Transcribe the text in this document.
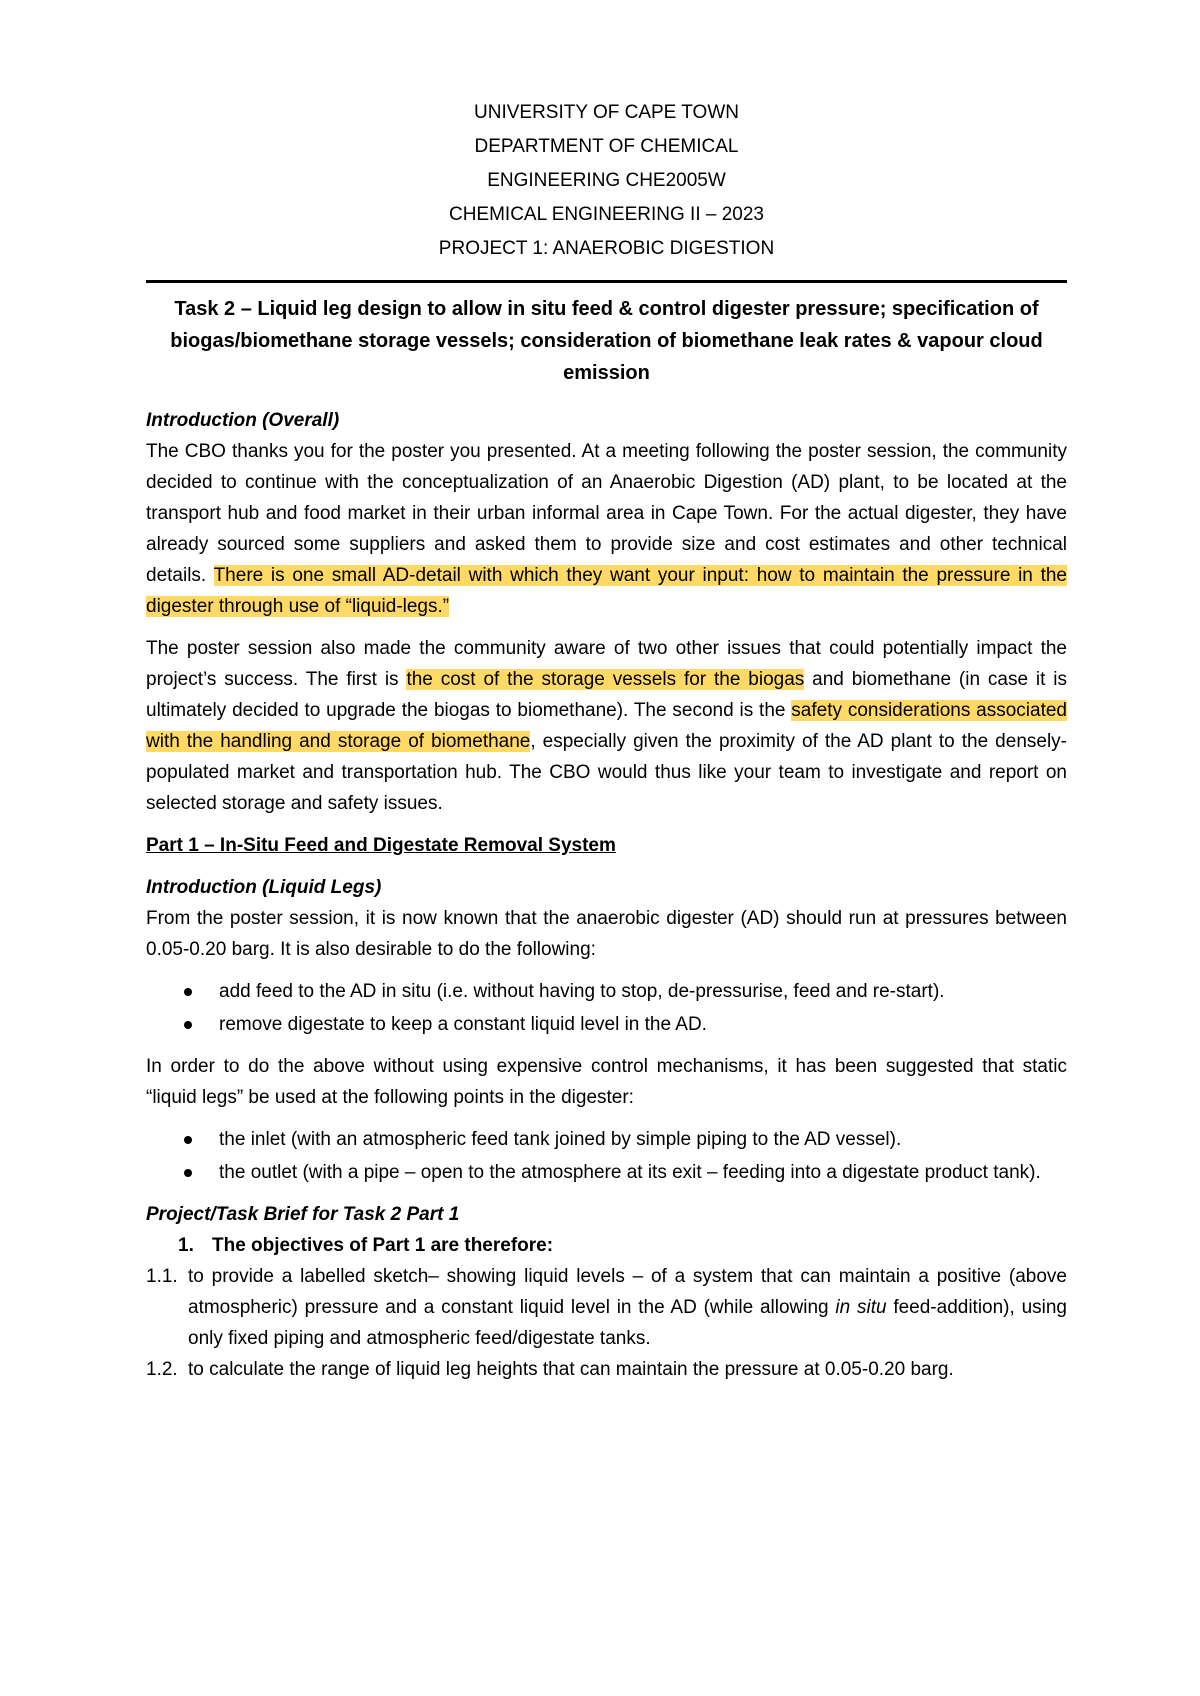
UNIVERSITY OF CAPE TOWN
DEPARTMENT OF CHEMICAL
ENGINEERING CHE2005W
CHEMICAL ENGINEERING II – 2023
PROJECT 1: ANAEROBIC DIGESTION
Task 2 – Liquid leg design to allow in situ feed & control digester pressure; specification of biogas/biomethane storage vessels; consideration of biomethane leak rates & vapour cloud emission
Introduction (Overall)

The CBO thanks you for the poster you presented. At a meeting following the poster session, the community decided to continue with the conceptualization of an Anaerobic Digestion (AD) plant, to be located at the transport hub and food market in their urban informal area in Cape Town. For the actual digester, they have already sourced some suppliers and asked them to provide size and cost estimates and other technical details. There is one small AD-detail with which they want your input: how to maintain the pressure in the digester through use of “liquid-legs.”

The poster session also made the community aware of two other issues that could potentially impact the project’s success. The first is the cost of the storage vessels for the biogas and biomethane (in case it is ultimately decided to upgrade the biogas to biomethane). The second is the safety considerations associated with the handling and storage of biomethane, especially given the proximity of the AD plant to the densely-populated market and transportation hub. The CBO would thus like your team to investigate and report on selected storage and safety issues.

Part 1 – In-Situ Feed and Digestate Removal System
Introduction (Liquid Legs)

From the poster session, it is now known that the anaerobic digester (AD) should run at pressures between 0.05-0.20 barg. It is also desirable to do the following:

add feed to the AD in situ (i.e. without having to stop, de-pressurise, feed and re-start).
remove digestate to keep a constant liquid level in the AD.

In order to do the above without using expensive control mechanisms, it has been suggested that static “liquid legs” be used at the following points in the digester:

the inlet (with an atmospheric feed tank joined by simple piping to the AD vessel).
the outlet (with a pipe – open to the atmosphere at its exit – feeding into a digestate product tank).
Project/Task Brief for Task 2 Part 1
1. The objectives of Part 1 are therefore:
1.1. to provide a labelled sketch– showing liquid levels – of a system that can maintain a positive (above atmospheric) pressure and a constant liquid level in the AD (while allowing in situ feed-addition), using only fixed piping and atmospheric feed/digestate tanks.
1.2. to calculate the range of liquid leg heights that can maintain the pressure at 0.05-0.20 barg.
